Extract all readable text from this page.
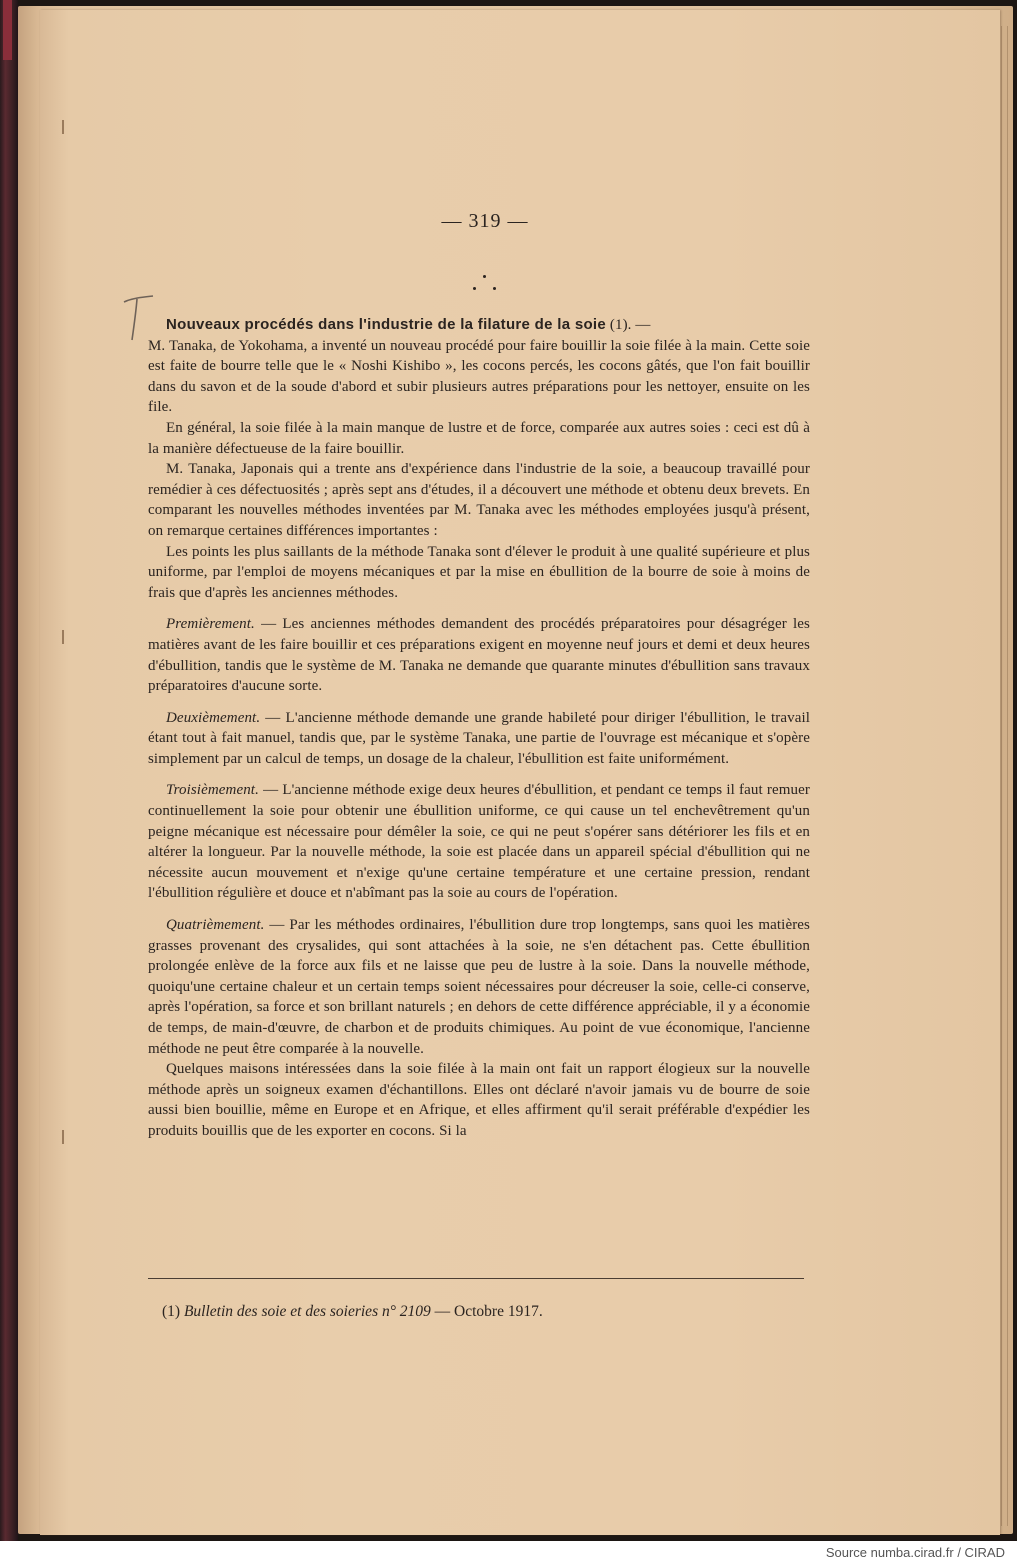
— 319 —

Nouveaux procédés dans l'industrie de la filature de la soie (1). —

M. Tanaka, de Yokohama, a inventé un nouveau procédé pour faire bouillir la soie filée à la main. Cette soie est faite de bourre telle que le « Noshi Kishibo », les cocons percés, les cocons gâtés, que l'on fait bouillir dans du savon et de la soude d'abord et subir plusieurs autres préparations pour les nettoyer, ensuite on les file.

En général, la soie filée à la main manque de lustre et de force, comparée aux autres soies : ceci est dû à la manière défectueuse de la faire bouillir.

M. Tanaka, Japonais qui a trente ans d'expérience dans l'industrie de la soie, a beaucoup travaillé pour remédier à ces défectuosités ; après sept ans d'études, il a découvert une méthode et obtenu deux brevets. En comparant les nouvelles méthodes inventées par M. Tanaka avec les méthodes employées jusqu'à présent, on remarque certaines différences importantes :

Les points les plus saillants de la méthode Tanaka sont d'élever le produit à une qualité supérieure et plus uniforme, par l'emploi de moyens mécaniques et par la mise en ébullition de la bourre de soie à moins de frais que d'après les anciennes méthodes.

Premièrement. — Les anciennes méthodes demandent des procédés préparatoires pour désagréger les matières avant de les faire bouillir et ces préparations exigent en moyenne neuf jours et demi et deux heures d'ébullition, tandis que le système de M. Tanaka ne demande que quarante minutes d'ébullition sans travaux préparatoires d'aucune sorte.

Deuxièmement. — L'ancienne méthode demande une grande habileté pour diriger l'ébullition, le travail étant tout à fait manuel, tandis que, par le système Tanaka, une partie de l'ouvrage est mécanique et s'opère simplement par un calcul de temps, un dosage de la chaleur, l'ébullition est faite uniformément.

Troisièmement. — L'ancienne méthode exige deux heures d'ébullition, et pendant ce temps il faut remuer continuellement la soie pour obtenir une ébullition uniforme, ce qui cause un tel enchevêtrement qu'un peigne mécanique est nécessaire pour démêler la soie, ce qui ne peut s'opérer sans détériorer les fils et en altérer la longueur. Par la nouvelle méthode, la soie est placée dans un appareil spécial d'ébullition qui ne nécessite aucun mouvement et n'exige qu'une certaine température et une certaine pression, rendant l'ébullition régulière et douce et n'abîmant pas la soie au cours de l'opération.

Quatrièmement. — Par les méthodes ordinaires, l'ébullition dure trop longtemps, sans quoi les matières grasses provenant des crysalides, qui sont attachées à la soie, ne s'en détachent pas. Cette ébullition prolongée enlève de la force aux fils et ne laisse que peu de lustre à la soie. Dans la nouvelle méthode, quoiqu'une certaine chaleur et un certain temps soient nécessaires pour décreuser la soie, celle-ci conserve, après l'opération, sa force et son brillant naturels ; en dehors de cette différence appréciable, il y a économie de temps, de main-d'œuvre, de charbon et de produits chimiques. Au point de vue économique, l'ancienne méthode ne peut être comparée à la nouvelle.

Quelques maisons intéressées dans la soie filée à la main ont fait un rapport élogieux sur la nouvelle méthode après un soigneux examen d'échantillons. Elles ont déclaré n'avoir jamais vu de bourre de soie aussi bien bouillie, même en Europe et en Afrique, et elles affirment qu'il serait préférable d'expédier les produits bouillis que de les exporter en cocons. Si la

(1) Bulletin des soie et des soieries n° 2109 — Octobre 1917.
Source numba.cirad.fr / CIRAD
